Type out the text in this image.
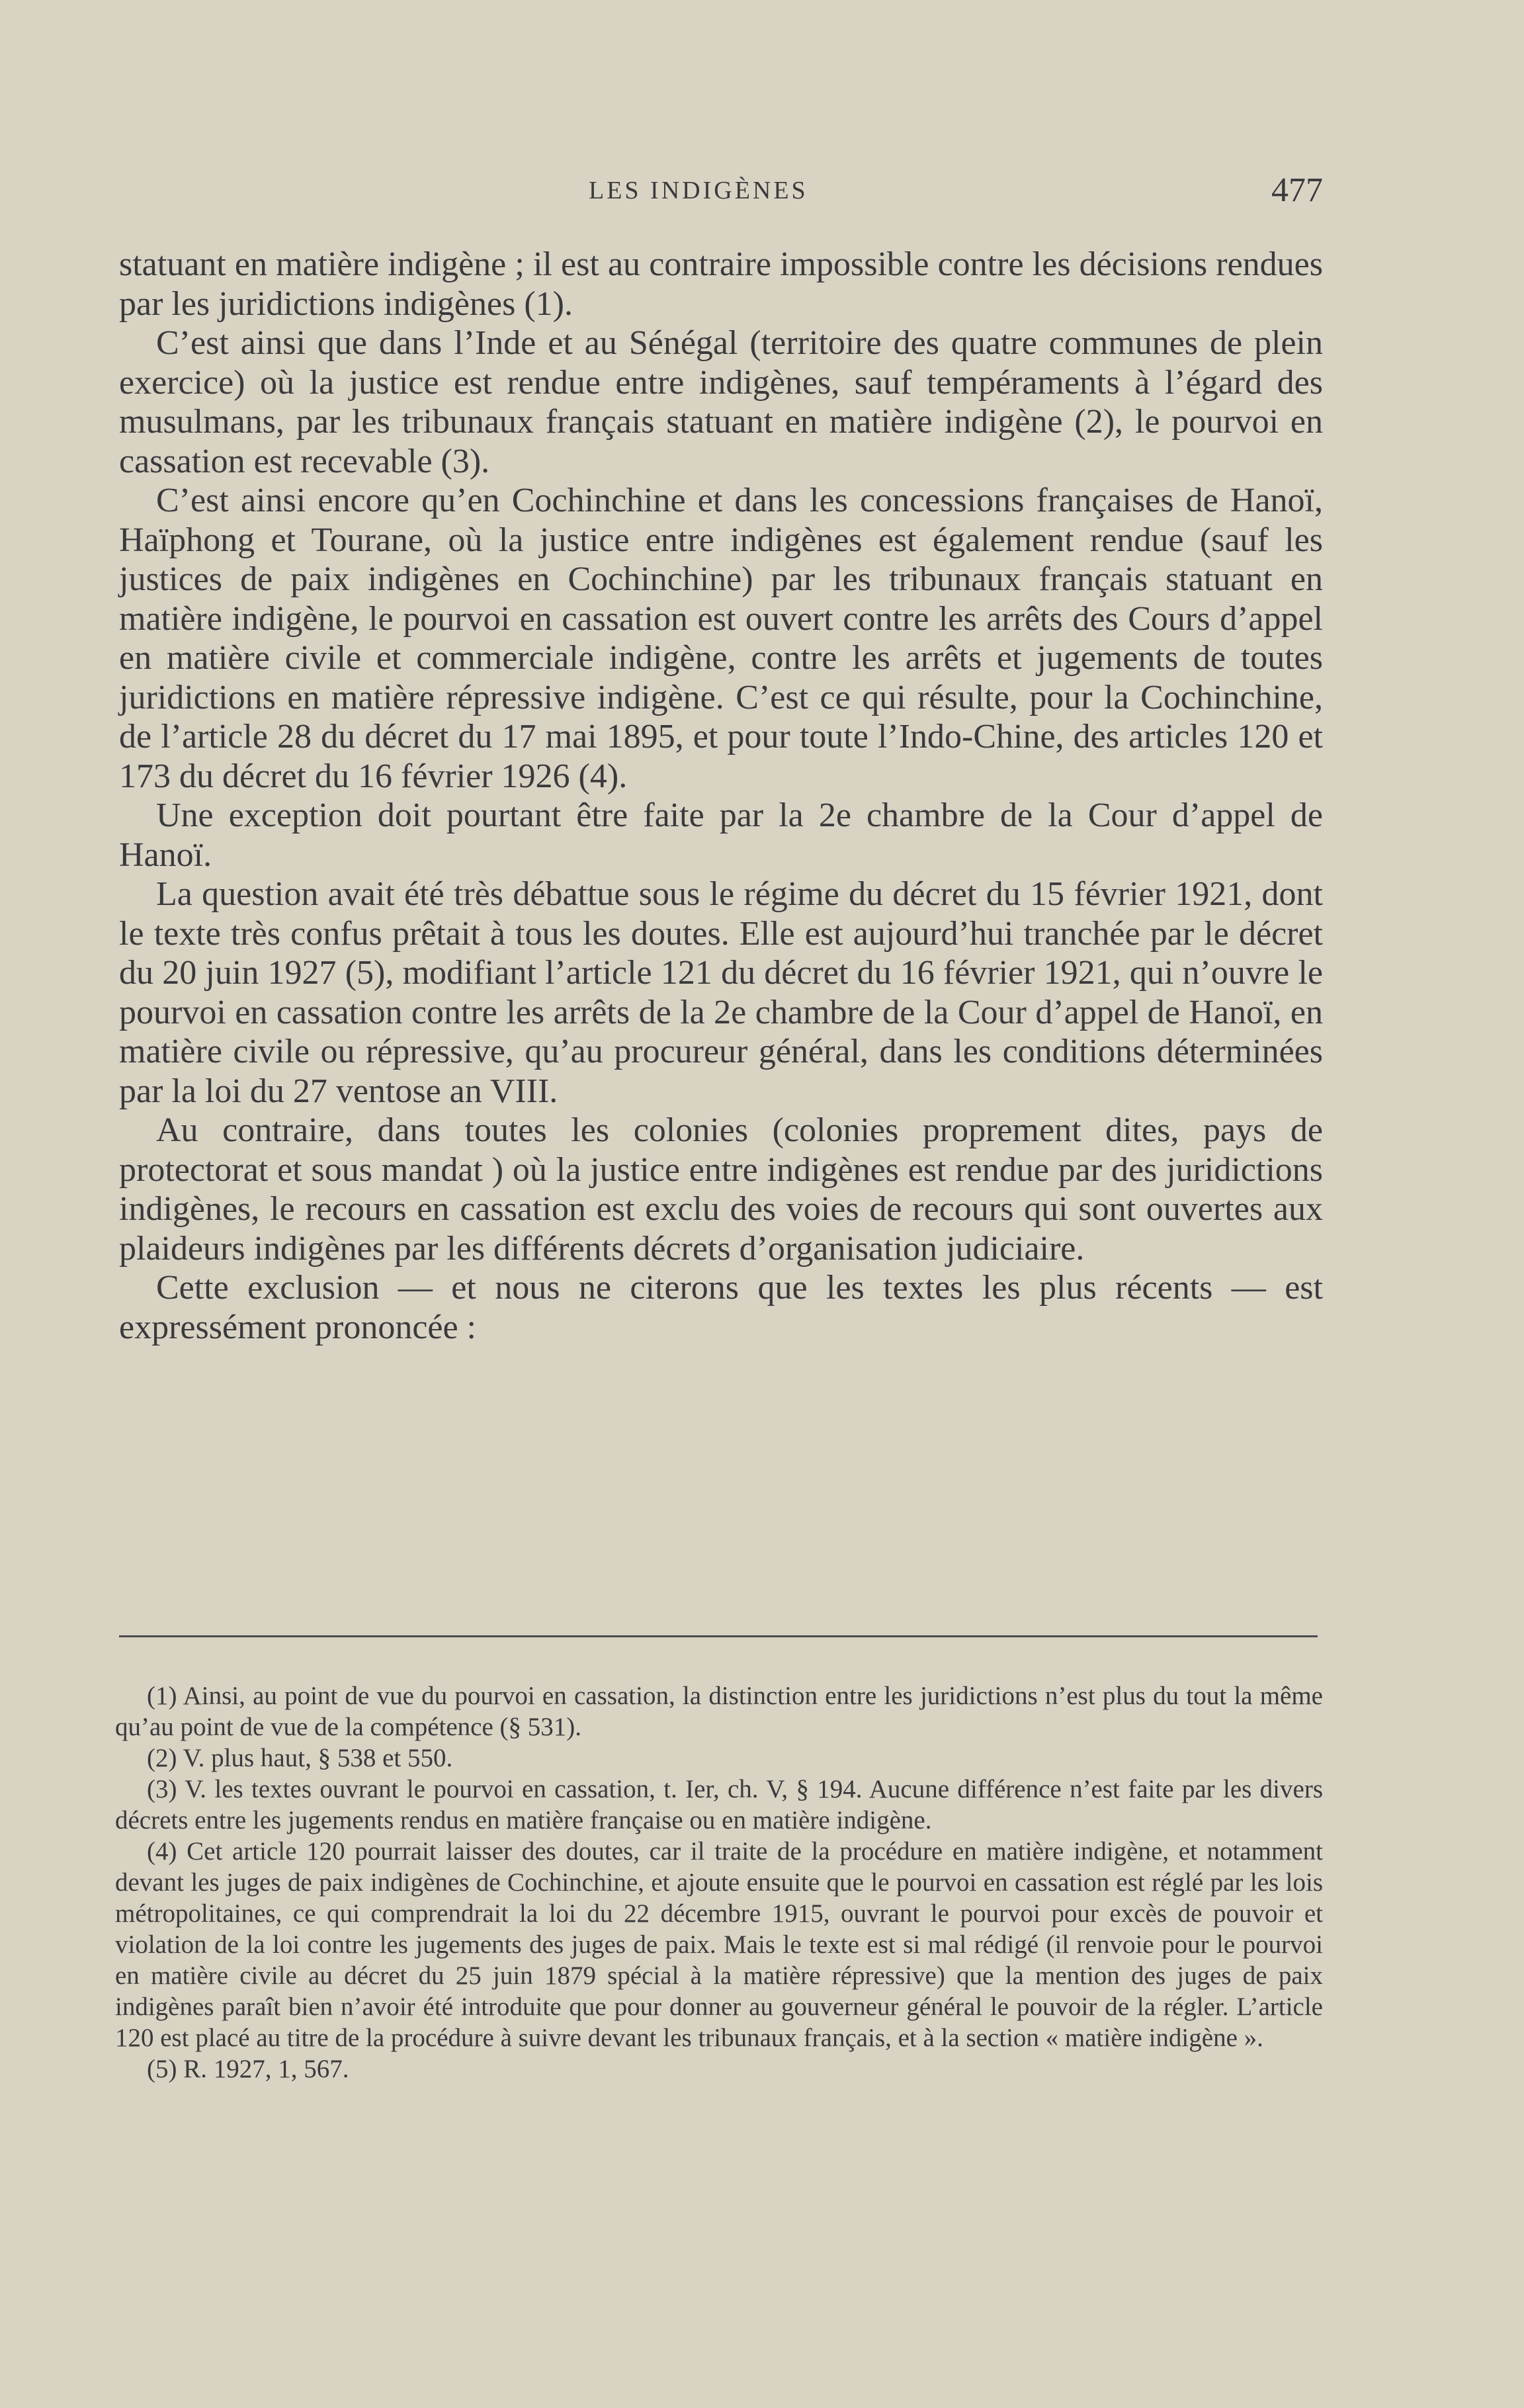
LES INDIGÈNES	477

statuant en matière indigène ; il est au contraire impossible contre les décisions rendues par les juridictions indigènes (1).

C’est ainsi que dans l’Inde et au Sénégal (territoire des quatre communes de plein exercice) où la justice est rendue entre indigènes, sauf tempéraments à l’égard des musulmans, par les tribunaux français statuant en matière indigène (2), le pourvoi en cassation est recevable (3).

C’est ainsi encore qu’en Cochinchine et dans les concessions françaises de Hanoï, Haïphong et Tourane, où la justice entre indigènes est également rendue (sauf les justices de paix indigènes en Cochinchine) par les tribunaux français statuant en matière indigène, le pourvoi en cassation est ouvert contre les arrêts des Cours d’appel en matière civile et commerciale indigène, contre les arrêts et jugements de toutes juridictions en matière répressive indigène. C’est ce qui résulte, pour la Cochinchine, de l’article 28 du décret du 17 mai 1895, et pour toute l’Indo-Chine, des articles 120 et 173 du décret du 16 février 1926 (4).

Une exception doit pourtant être faite par la 2e chambre de la Cour d’appel de Hanoï.

La question avait été très débattue sous le régime du décret du 15 février 1921, dont le texte très confus prêtait à tous les doutes. Elle est aujourd’hui tranchée par le décret du 20 juin 1927 (5), modifiant l’article 121 du décret du 16 février 1921, qui n’ouvre le pourvoi en cassation contre les arrêts de la 2e chambre de la Cour d’appel de Hanoï, en matière civile ou répressive, qu’au procureur général, dans les conditions déterminées par la loi du 27 ventose an VIII.

Au contraire, dans toutes les colonies (colonies proprement dites, pays de protectorat et sous mandat ) où la justice entre indigènes est rendue par des juridictions indigènes, le recours en cassation est exclu des voies de recours qui sont ouvertes aux plaideurs indigènes par les différents décrets d’organisation judiciaire.

Cette exclusion — et nous ne citerons que les textes les plus récents — est expressément prononcée :

(1) Ainsi, au point de vue du pourvoi en cassation, la distinction entre les juridictions n’est plus du tout la même qu’au point de vue de la compétence (§ 531).

(2) V. plus haut, § 538 et 550.

(3) V. les textes ouvrant le pourvoi en cassation, t. Ier, ch. V, § 194. Aucune différence n’est faite par les divers décrets entre les jugements rendus en matière française ou en matière indigène.

(4) Cet article 120 pourrait laisser des doutes, car il traite de la procédure en matière indigène, et notamment devant les juges de paix indigènes de Cochinchine, et ajoute ensuite que le pourvoi en cassation est réglé par les lois métropolitaines, ce qui comprendrait la loi du 22 décembre 1915, ouvrant le pourvoi pour excès de pouvoir et violation de la loi contre les jugements des juges de paix. Mais le texte est si mal rédigé (il renvoie pour le pourvoi en matière civile au décret du 25 juin 1879 spécial à la matière répressive) que la mention des juges de paix indigènes paraît bien n’avoir été introduite que pour donner au gouverneur général le pouvoir de la régler. L’article 120 est placé au titre de la procédure à suivre devant les tribunaux français, et à la section « matière indigène ».

(5) R. 1927, 1, 567.
